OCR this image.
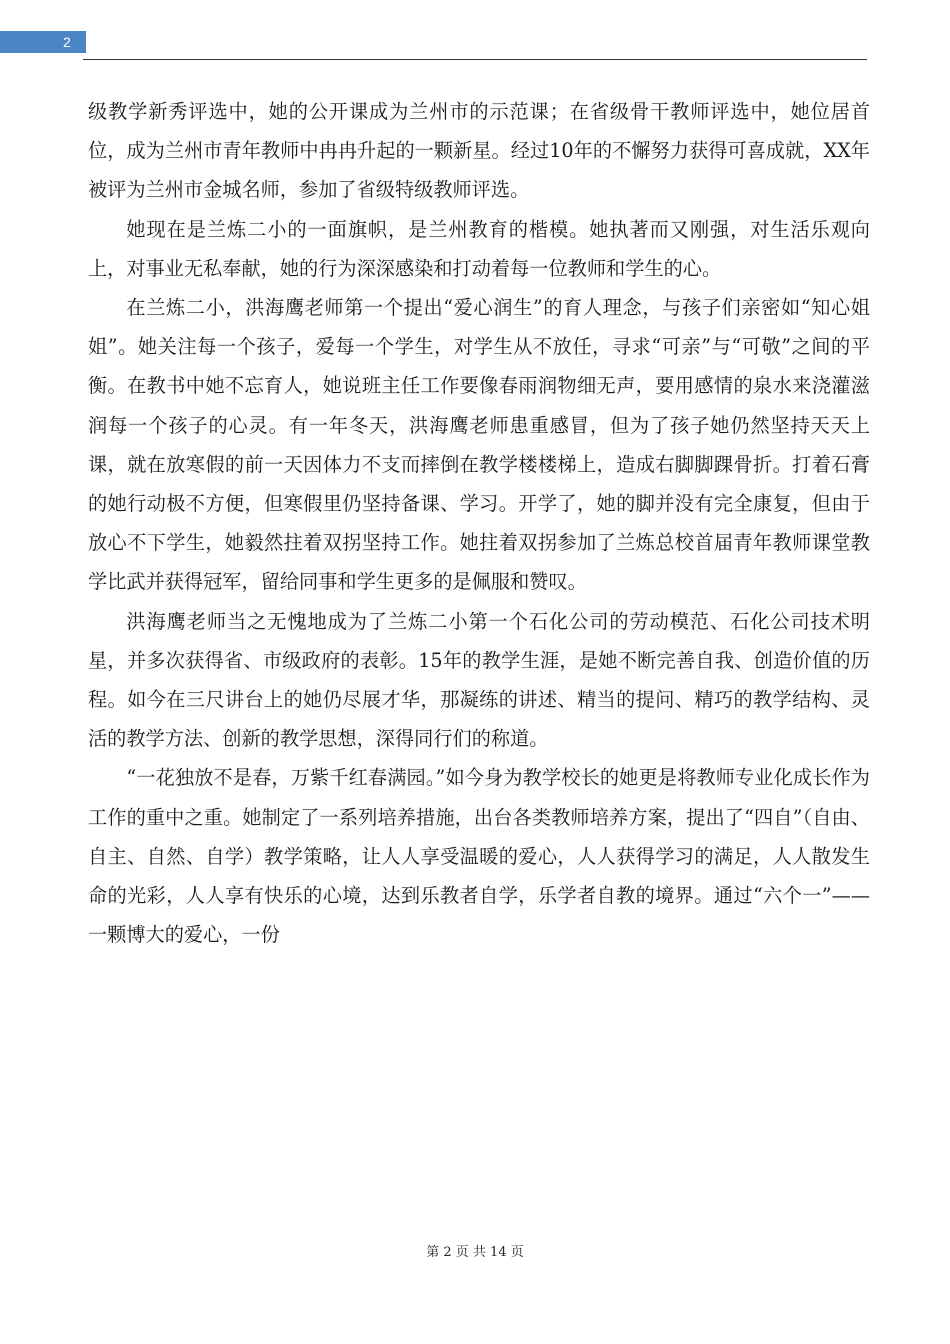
2

级教学新秀评选中，她的公开课成为兰州市的示范课；在省级骨干教师评选中，她位居首位，成为兰州市青年教师中冉冉升起的一颗新星。经过10年的不懈努力获得可喜成就，XX年被评为兰州市金城名师，参加了省级特级教师评选。

她现在是兰炼二小的一面旗帜，是兰州教育的楷模。她执著而又刚强，对生活乐观向上，对事业无私奉献，她的行为深深感染和打动着每一位教师和学生的心。

在兰炼二小，洪海鹰老师第一个提出“爱心润生”的育人理念，与孩子们亲密如“知心姐姐”。她关注每一个孩子，爱每一个学生，对学生从不放任，寻求“可亲”与“可敬”之间的平衡。在教书中她不忘育人，她说班主任工作要像春雨润物细无声，要用感情的泉水来浇灌滋润每一个孩子的心灵。有一年冬天，洪海鹰老师患重感冒，但为了孩子她仍然坚持天天上课，就在放寒假的前一天因体力不支而摔倒在教学楼楼梯上，造成右脚脚踝骨折。打着石膏的她行动极不方便，但寒假里仍坚持备课、学习。开学了，她的脚并没有完全康复，但由于放心不下学生，她毅然拄着双拐坚持工作。她拄着双拐参加了兰炼总校首届青年教师课堂教学比武并获得冠军，留给同事和学生更多的是佩服和赞叹。

洪海鹰老师当之无愧地成为了兰炼二小第一个石化公司的劳动模范、石化公司技术明星，并多次获得省、市级政府的表彰。15年的教学生涯，是她不断完善自我、创造价值的历程。如今在三尺讲台上的她仍尽展才华，那凝练的讲述、精当的提问、精巧的教学结构、灵活的教学方法、创新的教学思想，深得同行们的称道。

“一花独放不是春，万紫千红春满园。”如今身为教学校长的她更是将教师专业化成长作为工作的重中之重。她制定了一系列培养措施，出台各类教师培养方案，提出了“四自”（自由、自主、自然、自学）教学策略，让人人享受温暖的爱心，人人获得学习的满足，人人散发生命的光彩，人人享有快乐的心境，达到乐教者自学，乐学者自教的境界。通过“六个一”——一颗博大的爱心，一份

第 2 页 共 14 页
